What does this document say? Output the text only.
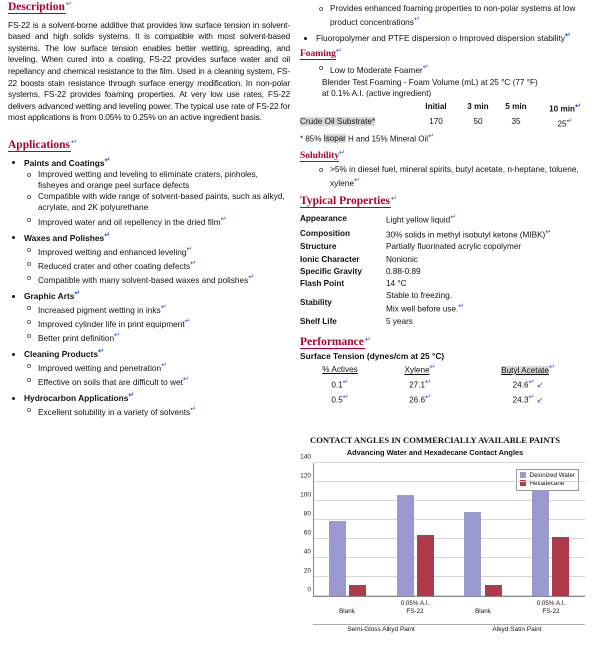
Description↵

FS-22 is a solvent-borne additive that provides low surface tension in solvent-based and high solids systems. It is compatible with most solvent-based systems. The low surface tension enables better wetting, spreading, and leveling. When cured into a coating, FS-22 provides surface water and oil repellancy and chemical resistance to the film. Used in a cleaning system, FS-22 boosts stain resistance through surface energy modification. In non-polar systems, FS-22 provides foaming properties. At very low use rates, FS-22 delivers advanced wetting and leveling power. The typical use rate of FS-22 for most applications is from 0.05% to 0.25% on an active ingredient basis.

Applications↵
• Paints and Coatings↵
o Improved wetting and leveling to eliminate craters, pinholes, fisheyes and orange peel surface defects
o Compatible with wide range of solvent-based paints, such as alkyd, acrylate, and 2K polyurethane
o Improved water and oil repellency in the dried film↵
• Waxes and Polishes↵
o Improved wetting and enhanced leveling↵
o Reduced crater and other coating defects↵
o Compatible with many solvent-based waxes and polishes↵
• Graphic Arts↵
o Increased pigment wetting in inks↵
o Improved cylinder life in print equipment↵
o Better print definition↵
• Cleaning Products↵
o Improved wetting and penetration↵
o Effective on soils that are difficult to wet↵
• Hydrocarbon Applications↵
o Excellent solubility in a variety of solvents↵
o Provides enhanced foaming properties to non-polar systems at low product concentrations↵
• Fluoropolymer and PTFE dispersion o Improved dispersion stability↵
Foaming↵
o Low to Moderate Foamer↵
Blender Test Foaming - Foam Volume (mL) at 25 °C (77 °F)
at 0.1% A.I. (active ingredient)
	Initial	3 min	5 min	10 min↵
Crude Oil Substrate*	170	50	35	25↵
* 85% Isopar H and 15% Mineral Oil↵
Solubility↵
o >5% in diesel fuel, mineral spirits, butyl acetate, n-heptane, toluene, xylene↵
Typical Properties↵
Appearance	Light yellow liquid↵
Composition	30% solids in methyl isobutyl ketone (MIBK)↵
Structure	Partially fluorinated acrylic copolymer
Ionic Character	Nonionic
Specific Gravity	0.88-0.89
Flash Point	14 °C
Stability	Stable to freezing.
Mix well before use.↵

Shelf Life	5 years
Performance↵
Surface Tension (dynes/cm at 25 °C)
% Actives	Xylene↵	Butyl Acetate↵
0.1↵	27.1↵	24.6↵ ↙
0.5↵	26.6↵	24.3↵ ↙
CONTACT ANGLES IN COMMERCIALLY AVAILABLE PAINTS
Advancing Water and Hexadecane Contact Angles
Deionized Water
Hexadecane
0
20
40
60
80
100
120
140
Blank
0.05% A.I.
FS-22	Blank
0.05% A.I.
FS-22
Semi-Gloss Alkyd Paint	Alkyd Satin Paint
